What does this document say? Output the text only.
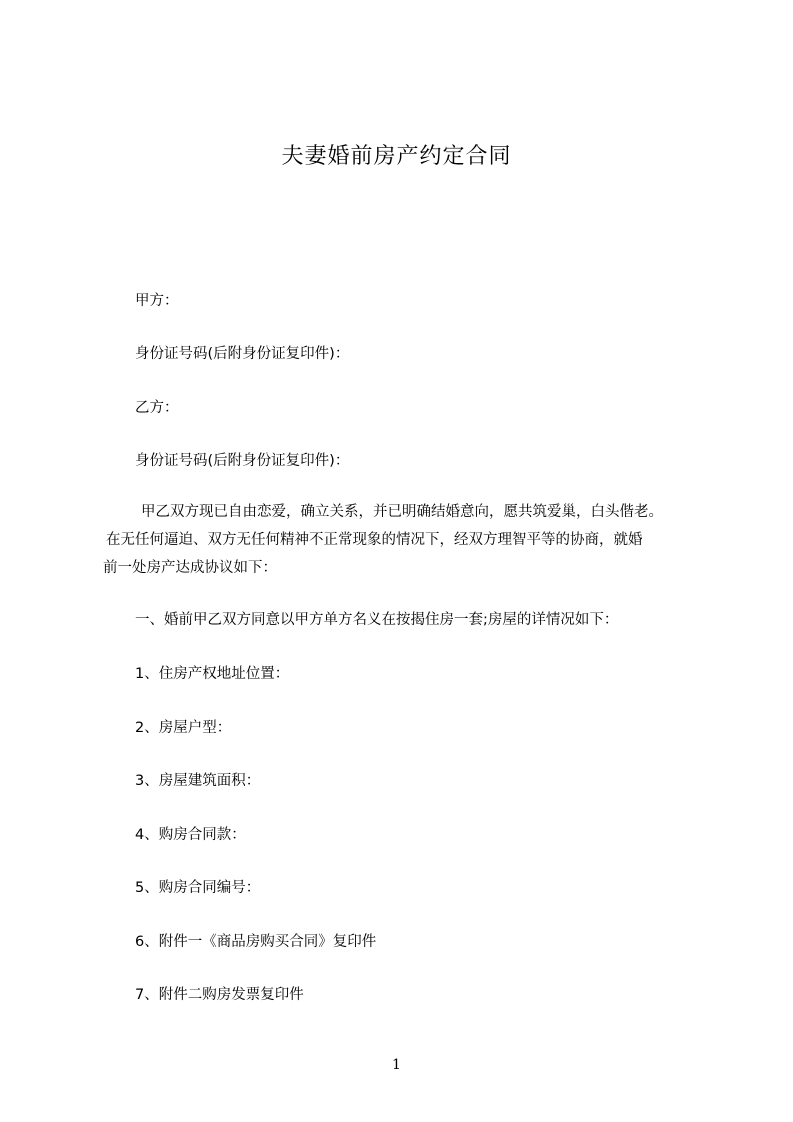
夫妻婚前房产约定合同
甲方：
身份证号码(后附身份证复印件)：
乙方：
身份证号码(后附身份证复印件)：
甲乙双方现已自由恋爱，确立关系，并已明确结婚意向，愿共筑爱巢，白头偕老。
在无任何逼迫、双方无任何精神不正常现象的情况下，经双方理智平等的协商，就婚
前一处房产达成协议如下：
一、婚前甲乙双方同意以甲方单方名义在按揭住房一套;房屋的详情况如下：
1、住房产权地址位置：
2、房屋户型：
3、房屋建筑面积：
4、购房合同款：
5、购房合同编号：
6、附件一《商品房购买合同》复印件
7、附件二购房发票复印件
1
